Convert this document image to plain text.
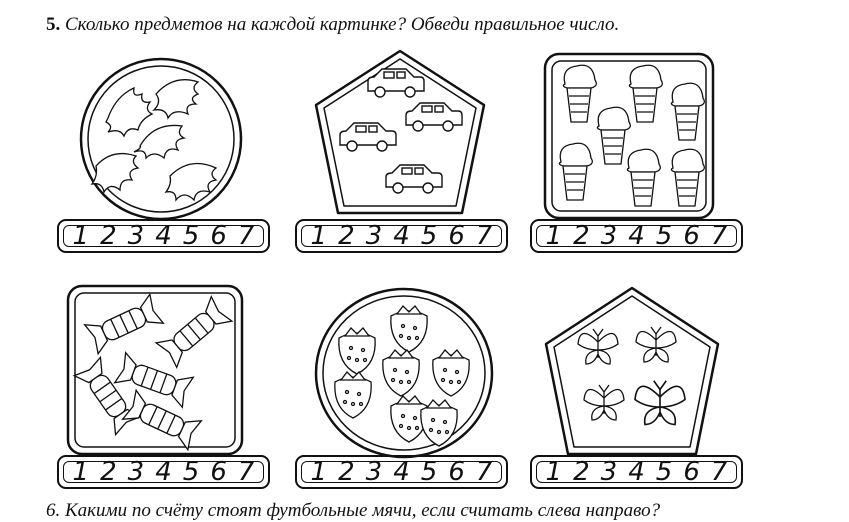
5. Сколько предметов на каждой картинке? Обведи правильное число.
1 2 3 4 5 6 7 1 2 3 4 5 6 7 1 2 3 4 5 6 7
1 2 3 4 5 6 7 1 2 3 4 5 6 7 1 2 3 4 5 6 7
6. Какими по счёту стоят футбольные мячи, если считать слева направо?
